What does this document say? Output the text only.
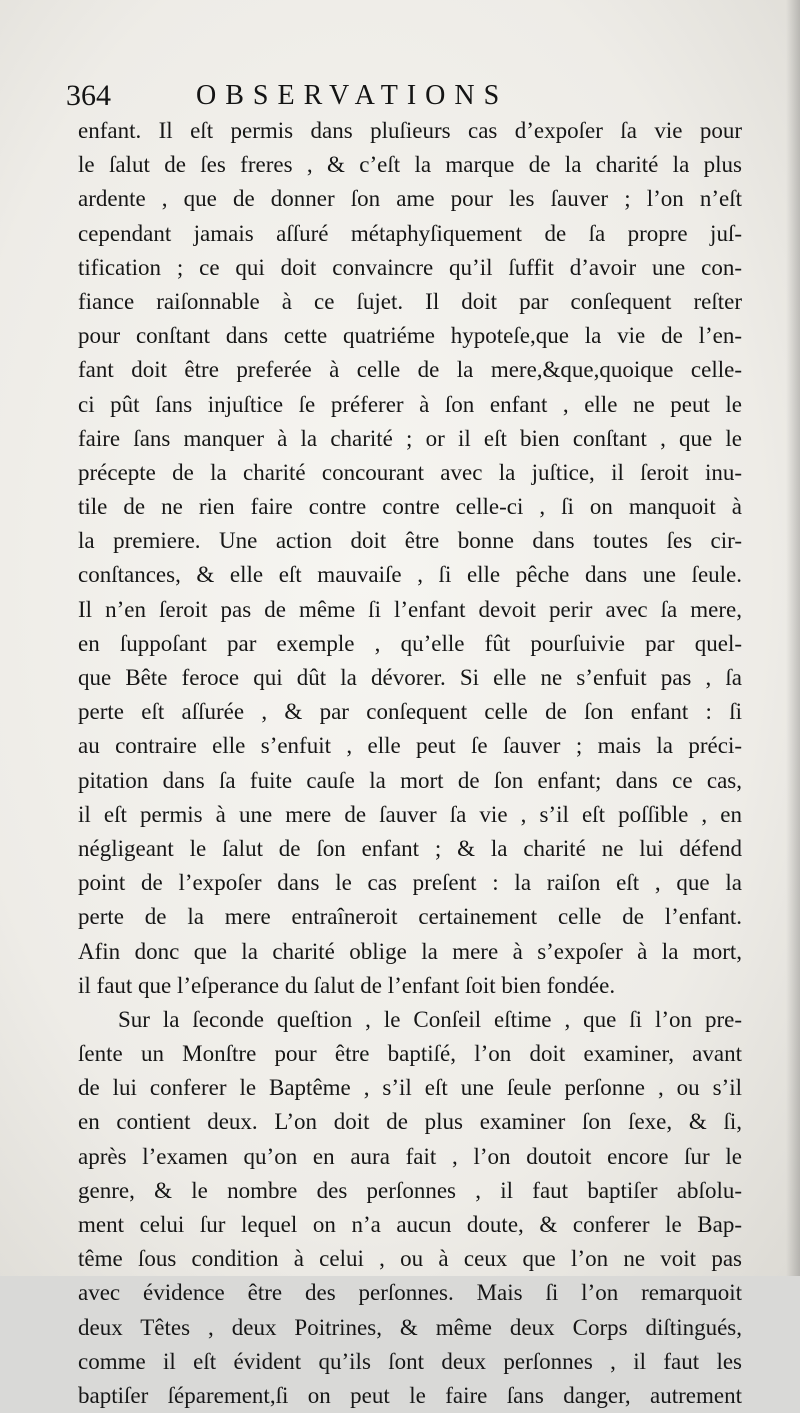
364	OBSERVATIONS
enfant. Il eſt permis dans pluſieurs cas d’expoſer ſa vie pour
le ſalut de ſes freres , & c’eſt la marque de la charité la plus
ardente , que de donner ſon ame pour les ſauver ; l’on n’eſt
cependant jamais aſſuré métaphyſiquement de ſa propre juſ-
tification ; ce qui doit convaincre qu’il ſuffit d’avoir une con-
fiance raiſonnable à ce ſujet. Il doit par conſequent reſter
pour conſtant dans cette quatriéme hypoteſe,que la vie de l’en-
fant doit être preferée à celle de la mere,&que,quoique celle-
ci pût ſans injuſtice ſe préferer à ſon enfant , elle ne peut le
faire ſans manquer à la charité ; or il eſt bien conſtant , que le
précepte de la charité concourant avec la juſtice, il ſeroit inu-
tile de ne rien faire contre contre celle-ci , ſi on manquoit à
la premiere. Une action doit être bonne dans toutes ſes cir-
conſtances, & elle eſt mauvaiſe , ſi elle pêche dans une ſeule.
Il n’en ſeroit pas de même ſi l’enfant devoit perir avec ſa mere,
en ſuppoſant par exemple , qu’elle fût pourſuivie par quel-
que Bête feroce qui dût la dévorer. Si elle ne s’enfuit pas , ſa
perte eſt aſſurée , & par conſequent celle de ſon enfant : ſi
au contraire elle s’enfuit , elle peut ſe ſauver ; mais la préci-
pitation dans ſa fuite cauſe la mort de ſon enfant; dans ce cas,
il eſt permis à une mere de ſauver ſa vie , s’il eſt poſſible , en
négligeant le ſalut de ſon enfant ; & la charité ne lui défend
point de l’expoſer dans le cas preſent : la raiſon eſt , que la
perte de la mere entraîneroit certainement celle de l’enfant.
Afin donc que la charité oblige la mere à s’expoſer à la mort,
il faut que l’eſperance du ſalut de l’enfant ſoit bien fondée.
Sur la ſeconde queſtion , le Conſeil eſtime , que ſi l’on pre-
ſente un Monſtre pour être baptiſé, l’on doit examiner, avant
de lui conferer le Baptême , s’il eſt une ſeule perſonne , ou s’il
en contient deux. L’on doit de plus examiner ſon ſexe, & ſi,
après l’examen qu’on en aura fait , l’on doutoit encore ſur le
genre, & le nombre des perſonnes , il faut baptiſer abſolu-
ment celui ſur lequel on n’a aucun doute, & conferer le Bap-
tême ſous condition à celui , ou à ceux que l’on ne voit pas
avec évidence être des perſonnes. Mais ſi l’on remarquoit
deux Têtes , deux Poitrines, & même deux Corps diſtingués,
comme il eſt évident qu’ils ſont deux perſonnes , il faut les
baptiſer ſéparement,ſi on peut le faire ſans danger, autrement
